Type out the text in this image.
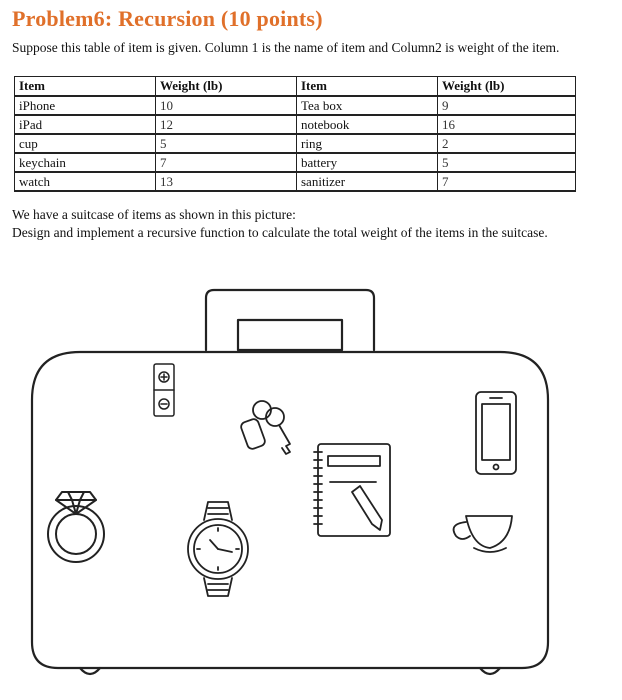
Problem6: Recursion (10 points)
Suppose this table of item is given. Column 1 is the name of item and Column2 is weight of the item.
Item	Weight (lb)	Item	Weight (lb)
iPhone	10	Tea box	9
iPad	12	notebook	16
cup	5	ring	2
keychain	7	battery	5
watch	13	sanitizer	7
We have a suitcase of items as shown in this picture:
Design and implement a recursive function to calculate the total weight of the items in the suitcase.
